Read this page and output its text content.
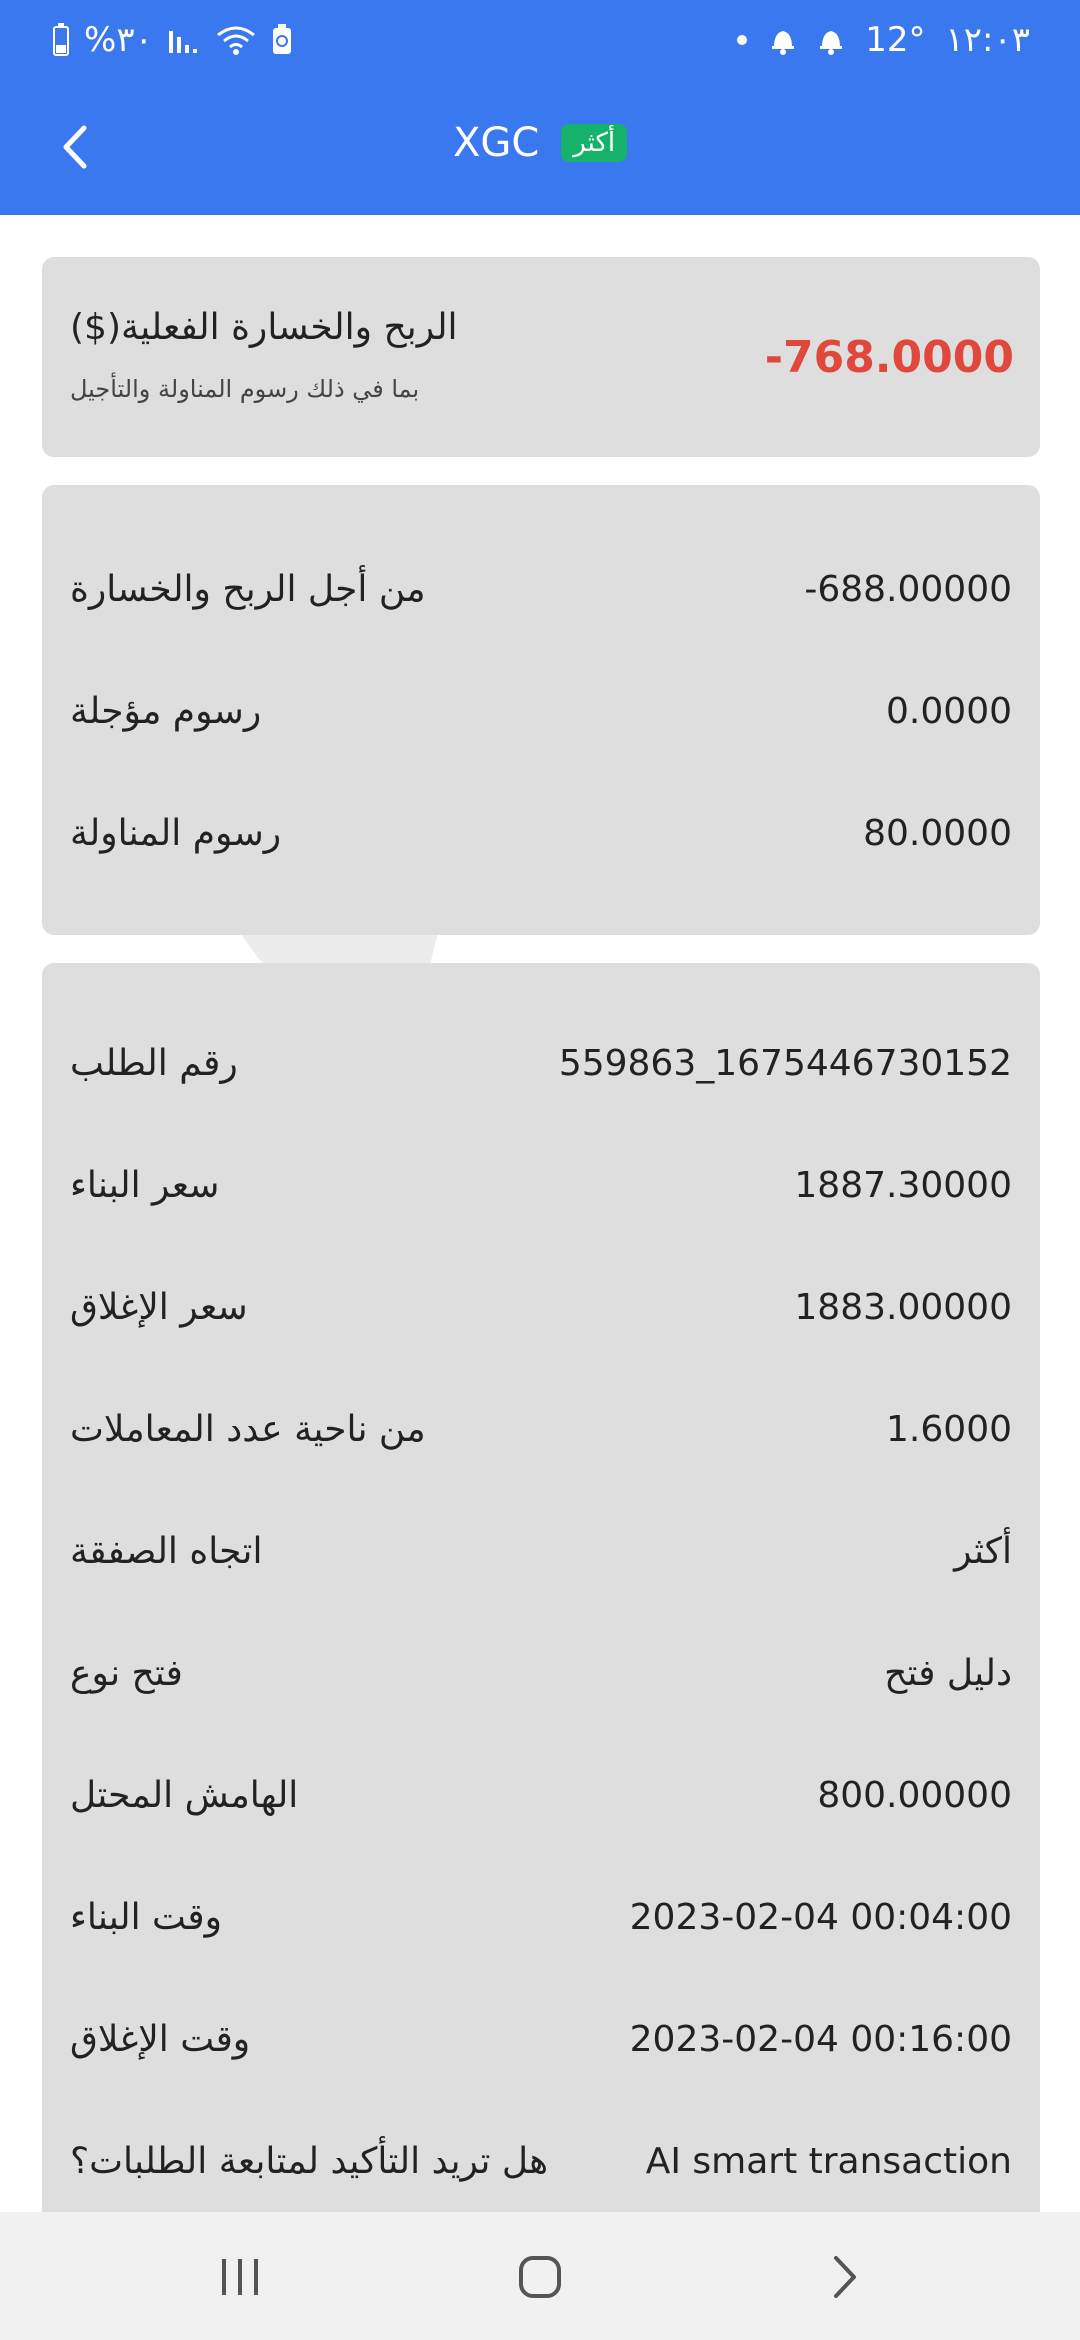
%٣٠	12° ١٢:٠٣
XGC	أكثر
($)الربح والخسارة الفعلية
بما في ذلك رسوم المناولة والتأجيل
-768.0000
من أجل الربح والخسارة	-688.00000
رسوم مؤجلة	0.0000
رسوم المناولة	80.0000
رقم الطلب	559863_1675446730152
سعر البناء	1887.30000
سعر الإغلاق	1883.00000
من ناحية عدد المعاملات	1.6000
اتجاه الصفقة	أكثر
فتح نوع	دليل فتح
الهامش المحتل	800.00000
وقت البناء	2023-02-04 00:04:00
وقت الإغلاق	2023-02-04 00:16:00
هل تريد التأكيد لمتابعة الطلبات؟	AI smart transaction
